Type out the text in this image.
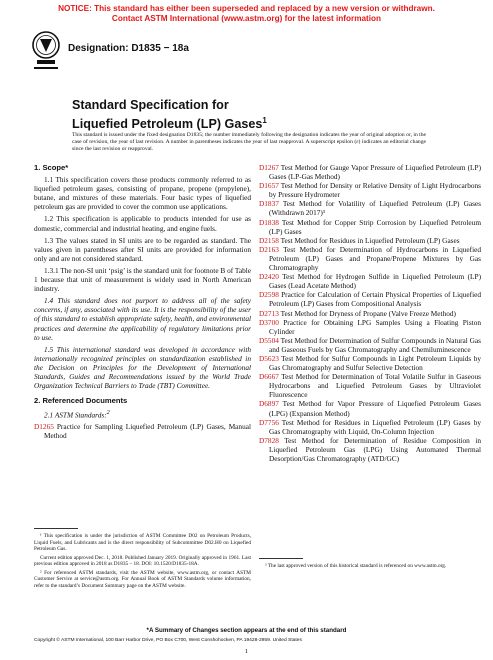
NOTICE: This standard has either been superseded and replaced by a new version or withdrawn.
Contact ASTM International (www.astm.org) for the latest information
Designation: D1835 − 18a
Standard Specification for
Liquefied Petroleum (LP) Gases$^1$
This standard is issued under the fixed designation D1835; the number immediately following the designation indicates the year of original adoption or, in the case of revision, the year of last revision. A number in parentheses indicates the year of last reapproval. A superscript epsilon (ε) indicates an editorial change since the last revision or reapproval.
1. Scope*

1.1 This specification covers those products commonly referred to as liquefied petroleum gases, consisting of propane, propene (propylene), butane, and mixtures of these materials. Four basic types of liquefied petroleum gas are provided to cover the common use applications.

1.2 This specification is applicable to products intended for use as domestic, commercial and industrial heating, and engine fuels.

1.3 The values stated in SI units are to be regarded as standard. The values given in parentheses after SI units are provided for information only and are not considered standard.

1.3.1 The non-SI unit ‘psig’ is the standard unit for footnote B of Table 1 because that unit of measurement is widely used in North American industry.

1.4 This standard does not purport to address all of the safety concerns, if any, associated with its use. It is the responsibility of the user of this standard to establish appropriate safety, health, and environmental practices and determine the applicability of regulatory limitations prior to use.

1.5 This international standard was developed in accordance with internationally recognized principles on standardization established in the Decision on Principles for the Development of International Standards, Guides and Recommendations issued by the World Trade Organization Technical Barriers to Trade (TBT) Committee.

2. Referenced Documents
2.1 ASTM Standards:$^2$
D1265 Practice for Sampling Liquefied Petroleum (LP) Gases, Manual Method
D1267 Test Method for Gauge Vapor Pressure of Liquefied Petroleum (LP) Gases (LP-Gas Method)
D1657 Test Method for Density or Relative Density of Light Hydrocarbons by Pressure Hydrometer
D1837 Test Method for Volatility of Liquefied Petroleum (LP) Gases (Withdrawn 2017)³
D1838 Test Method for Copper Strip Corrosion by Liquefied Petroleum (LP) Gases
D2158 Test Method for Residues in Liquefied Petroleum (LP) Gases
D2163 Test Method for Determination of Hydrocarbons in Liquefied Petroleum (LP) Gases and Propane/Propene Mixtures by Gas Chromatography
D2420 Test Method for Hydrogen Sulfide in Liquefied Petroleum (LP) Gases (Lead Acetate Method)
D2598 Practice for Calculation of Certain Physical Properties of Liquefied Petroleum (LP) Gases from Compositional Analysis
D2713 Test Method for Dryness of Propane (Valve Freeze Method)
D3700 Practice for Obtaining LPG Samples Using a Floating Piston Cylinder
D5504 Test Method for Determination of Sulfur Compounds in Natural Gas and Gaseous Fuels by Gas Chromatography and Chemiluminescence
D5623 Test Method for Sulfur Compounds in Light Petroleum Liquids by Gas Chromatography and Sulfur Selective Detection
D6667 Test Method for Determination of Total Volatile Sulfur in Gaseous Hydrocarbons and Liquefied Petroleum Gases by Ultraviolet Fluorescence
D6897 Test Method for Vapor Pressure of Liquefied Petroleum Gases (LPG) (Expansion Method)
D7756 Test Method for Residues in Liquefied Petroleum (LP) Gases by Gas Chromatography with Liquid, On-Column Injection
D7828 Test Method for Determination of Residue Composition in Liquefied Petroleum Gas (LPG) Using Automated Thermal Desorption/Gas Chromatography (ATD/GC)

¹ This specification is under the jurisdiction of ASTM Committee D02 on Petroleum Products, Liquid Fuels, and Lubricants and is the direct responsibility of Subcommittee D02.H0 on Liquefied Petroleum Gas.

Current edition approved Dec. 1, 2018. Published January 2019. Originally approved in 1961. Last previous edition approved in 2018 as D1835 – 18. DOI: 10.1520/D1835-18A.

² For referenced ASTM standards, visit the ASTM website, www.astm.org, or contact ASTM Customer Service at service@astm.org. For Annual Book of ASTM Standards volume information, refer to the standard’s Document Summary page on the ASTM website.

³ The last approved version of this historical standard is referenced on www.astm.org.
*A Summary of Changes section appears at the end of this standard
Copyright © ASTM International, 100 Barr Harbor Drive, PO Box C700, West Conshohocken, PA 19428-2959. United States
1
